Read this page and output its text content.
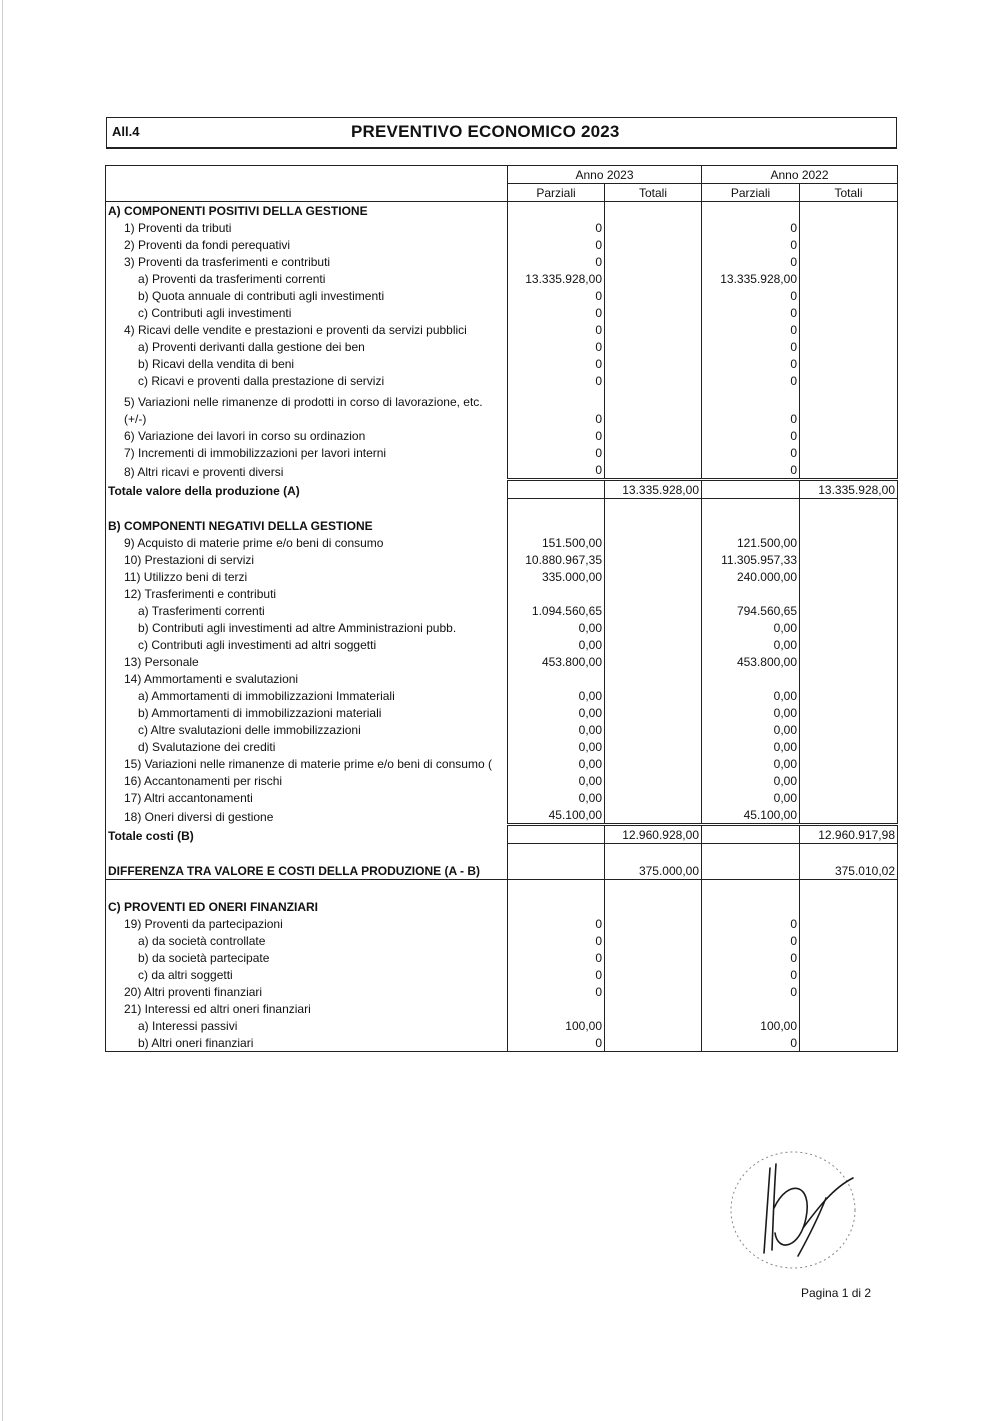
All.4	PREVENTIVO ECONOMICO 2023
	Anno 2023		Anno 2022	
	Parziali	Totali	Parziali	Totali
A) COMPONENTI POSITIVI DELLA GESTIONE				
1) Proventi da tributi	0		0	
2) Proventi da fondi perequativi	0		0	
3) Proventi da trasferimenti e contributi	0		0	
a) Proventi da trasferimenti correnti	13.335.928,00		13.335.928,00	
b) Quota annuale di contributi agli investimenti	0		0	
c) Contributi agli investimenti	0		0	
4) Ricavi delle vendite e prestazioni e proventi da servizi pubblici	0		0	
a) Proventi derivanti dalla gestione dei ben	0		0	
b) Ricavi della vendita di beni	0		0	
c) Ricavi e proventi dalla prestazione di servizi	0		0	
5) Variazioni nelle rimanenze di prodotti in corso di lavorazione, etc.				
(+/-)	0		0	
6) Variazione dei lavori in corso su ordinazion	0		0	
7) Incrementi di immobilizzazioni per lavori interni	0		0	
8) Altri ricavi e proventi diversi	0		0	
Totale valore della produzione (A)		13.335.928,00		13.335.928,00

B) COMPONENTI NEGATIVI DELLA GESTIONE				
9) Acquisto di materie prime e/o beni di consumo	151.500,00		121.500,00	
10) Prestazioni di servizi	10.880.967,35		11.305.957,33	
11) Utilizzo beni di terzi	335.000,00		240.000,00	
12) Trasferimenti e contributi				
a) Trasferimenti correnti	1.094.560,65		794.560,65	
b) Contributi agli investimenti ad altre Amministrazioni pubb.	0,00		0,00	
c) Contributi agli investimenti ad altri soggetti	0,00		0,00	
13) Personale	453.800,00		453.800,00	
14) Ammortamenti e svalutazioni				
a) Ammortamenti di immobilizzazioni Immateriali	0,00		0,00	
b) Ammortamenti di immobilizzazioni materiali	0,00		0,00	
c) Altre svalutazioni delle immobilizzazioni	0,00		0,00	
d) Svalutazione dei crediti	0,00		0,00	
15) Variazioni nelle rimanenze di materie prime e/o beni di consumo (	0,00		0,00	
16) Accantonamenti per rischi	0,00		0,00	
17) Altri accantonamenti	0,00		0,00	
18) Oneri diversi di gestione	45.100,00		45.100,00	
Totale costi (B)		12.960.928,00		12.960.917,98

DIFFERENZA TRA VALORE E COSTI DELLA PRODUZIONE (A - B)		375.000,00		375.010,02

C) PROVENTI ED ONERI FINANZIARI				
19) Proventi da partecipazioni	0		0	
a) da società controllate	0		0	
b) da società partecipate	0		0	
c) da altri soggetti	0		0	
20) Altri proventi finanziari	0		0	
21) Interessi ed altri oneri finanziari				
a) Interessi passivi	100,00		100,00	
b) Altri oneri finanziari	0		0	
Pagina 1 di 2
